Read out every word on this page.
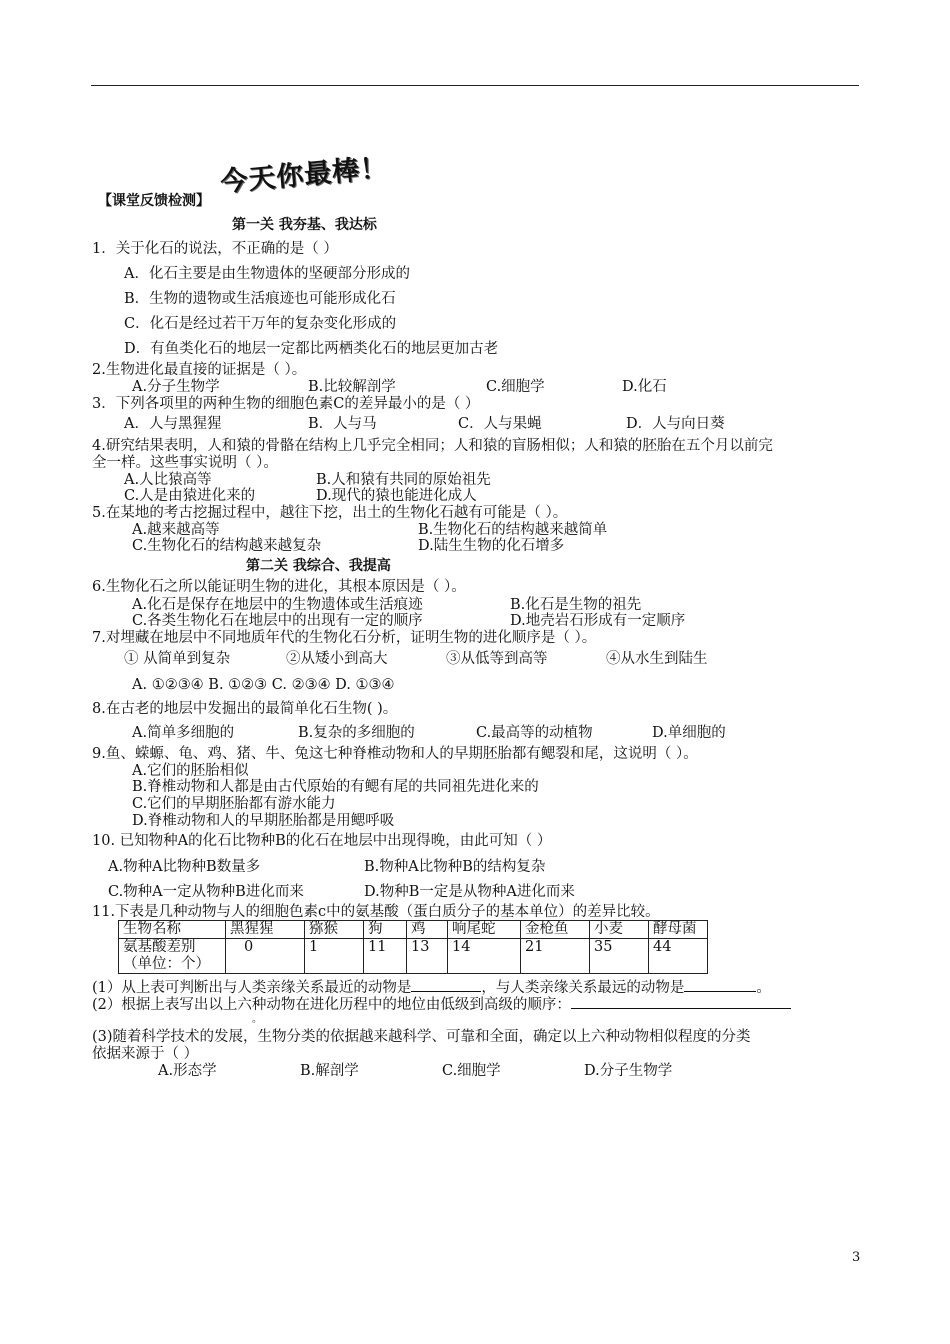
【课堂反馈检测】
今天你最棒！
第一关 我夯基、我达标
1．关于化石的说法，不正确的是（ ）
A．化石主要是由生物遗体的坚硬部分形成的
B．生物的遗物或生活痕迹也可能形成化石
C．化石是经过若干万年的复杂变化形成的
D．有鱼类化石的地层一定都比两栖类化石的地层更加古老
2.生物进化最直接的证据是（ ）。
A.分子生物学	B.比较解剖学	C.细胞学	D.化石
3．下列各项里的两种生物的细胞色素C的差异最小的是（ ）
A．人与黑猩猩	B．人与马	C．人与果蝇	D．人与向日葵
4.研究结果表明，人和猿的骨骼在结构上几乎完全相同；人和猿的盲肠相似；人和猿的胚胎在五个月以前完
全一样。这些事实说明（ ）。
A.人比猿高等	B.人和猿有共同的原始祖先
C.人是由猿进化来的	D.现代的猿也能进化成人
5.在某地的考古挖掘过程中，越往下挖，出土的生物化石越有可能是（ ）。
A.越来越高等	B.生物化石的结构越来越简单
C.生物化石的结构越来越复杂	D.陆生生物的化石增多
第二关 我综合、我提高
6.生物化石之所以能证明生物的进化，其根本原因是（ ）。
A.化石是保存在地层中的生物遗体或生活痕迹	B.化石是生物的祖先
C.各类生物化石在地层中的出现有一定的顺序	D.地壳岩石形成有一定顺序
7.对埋藏在地层中不同地质年代的生物化石分析，证明生物的进化顺序是（ ）。
① 从简单到复杂	②从矮小到高大	③从低等到高等	④从水生到陆生
A. ①②③④ B. ①②③ C. ②③④ D. ①③④
8.在古老的地层中发掘出的最简单化石生物( )。
A.简单多细胞的	B.复杂的多细胞的	C.最高等的动植物	D.单细胞的
9.鱼、蝾螈、龟、鸡、猪、牛、兔这七种脊椎动物和人的早期胚胎都有鳃裂和尾，这说明（ ）。
A.它们的胚胎相似
B.脊椎动物和人都是由古代原始的有鳃有尾的共同祖先进化来的
C.它们的早期胚胎都有游水能力
D.脊椎动物和人的早期胚胎都是用鳃呼吸
10. 已知物种A的化石比物种B的化石在地层中出现得晚，由此可知（ ）
A.物种A比物种B数量多	B.物种A比物种B的结构复杂
C.物种A一定从物种B进化而来	D.物种B一定是从物种A进化而来
11.下表是几种动物与人的细胞色素c中的氨基酸（蛋白质分子的基本单位）的差异比较。
生物名称	黑猩猩	猕猴	狗	鸡	响尾蛇	金枪鱼	小麦	酵母菌

氨基酸差别
（单位：个）	0	1	11	13	14	21	35	44
(1）从上表可判断出与人类亲缘关系最近的动物是	，与人类亲缘关系最远的动物是	。
(2）根据上表写出以上六种动物在进化历程中的地位由低级到高级的顺序：
。
(3)随着科学技术的发展，生物分类的依据越来越科学、可靠和全面，确定以上六种动物相似程度的分类
依据来源于（ ）
A.形态学	B.解剖学	C.细胞学	D.分子生物学
3
